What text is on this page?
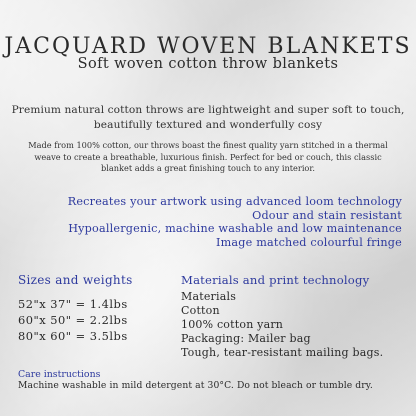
JACQUARD WOVEN BLANKETS
Soft woven cotton throw blankets
Premium natural cotton throws are lightweight and super soft to touch,
beautifully textured and wonderfully cosy
Made from 100% cotton, our throws boast the finest quality yarn stitched in a thermal
weave to create a breathable, luxurious finish. Perfect for bed or couch, this classic
blanket adds a great finishing touch to any interior.
Recreates your artwork using advanced loom technology
Odour and stain resistant
Hypoallergenic, machine washable and low maintenance
Image matched colourful fringe
Sizes and weights
52"x 37" = 1.4lbs
60"x 50" = 2.2lbs
80"x 60" = 3.5lbs
Materials and print technology
Materials
Cotton
100% cotton yarn
Packaging: Mailer bag
Tough, tear-resistant mailing bags.
Care instructions
Machine washable in mild detergent at 30°C. Do not bleach or tumble dry.
